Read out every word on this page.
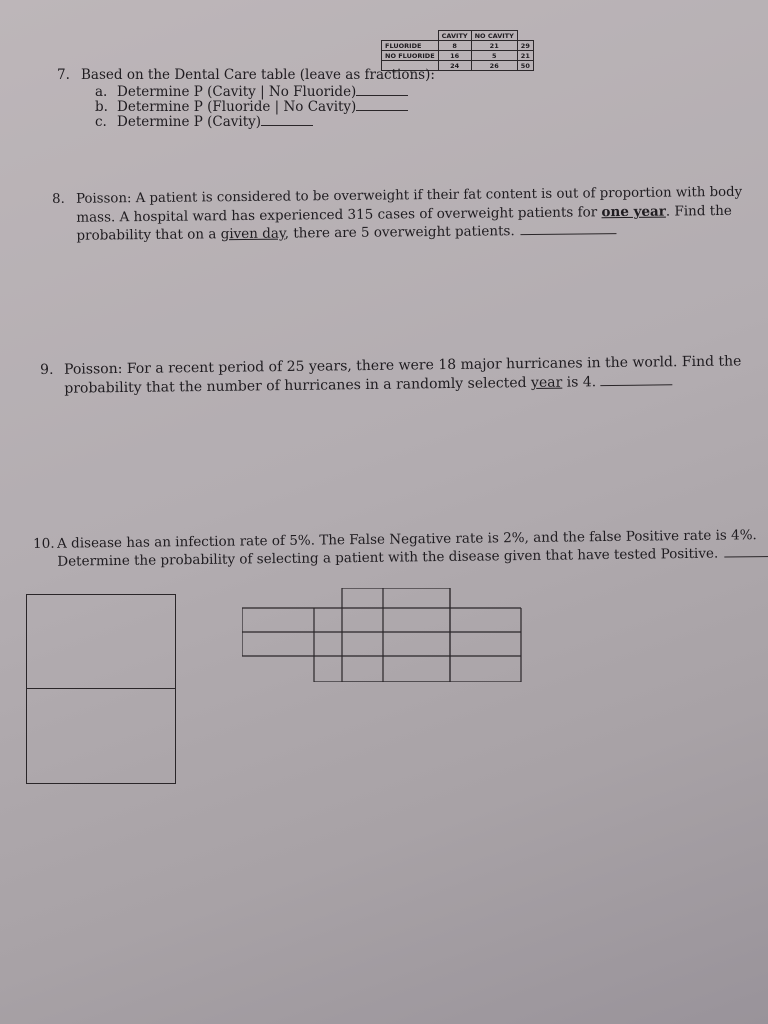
	CAVITY	NO CAVITY	
FLUORIDE	8	21	29
NO FLUORIDE	16	5	21
	24	26	50
7. Based on the Dental Care table (leave as fractions):
a. Determine P (Cavity | No Fluoride)
b. Determine P (Fluoride | No Cavity)
c. Determine P (Cavity)
8. Poisson: A patient is considered to be overweight if their fat content is out of proportion with body
mass. A hospital ward has experienced 315 cases of overweight patients for one year. Find the
probability that on a given day, there are 5 overweight patients.
9. Poisson: For a recent period of 25 years, there were 18 major hurricanes in the world. Find the
probability that the number of hurricanes in a randomly selected year is 4.
10. A disease has an infection rate of 5%. The False Negative rate is 2%, and the false Positive rate is 4%.
Determine the probability of selecting a patient with the disease given that have tested Positive.
